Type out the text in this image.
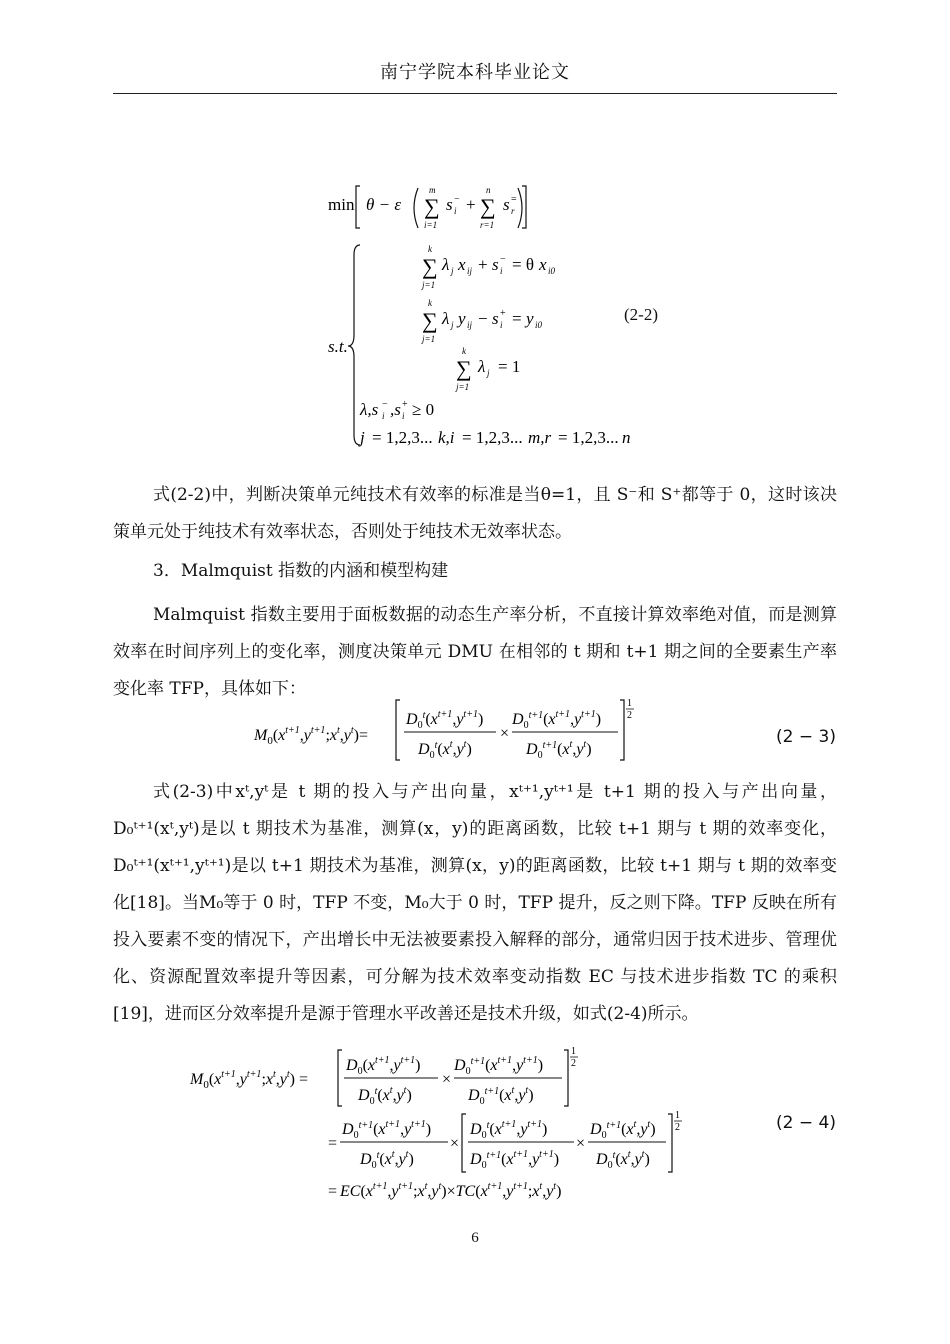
南宁学院本科毕业论文
min θ − ε ∑
m
i=1
s i
− + ∑
n
r=1
s r
=
s.t.
∑
k
j=1
λ j x ij + s i
− = θ x i0
∑
k
j=1
λ j y ij − s i
+ = y i0
∑
k
j=1
λ j = 1
λ,s i
− ,s i
+ ≥ 0
j = 1,2,3... k,i = 1,2,3... m,r = 1,2,3... n
(2-2)
式(2-2)中，判断决策单元纯技术有效率的标准是当θ=1，且 S⁻和 S⁺都等于 0，这时该决策单元处于纯技术有效率状态，否则处于纯技术无效率状态。
3．Malmquist 指数的内涵和模型构建
Malmquist 指数主要用于面板数据的动态生产率分析，不直接计算效率绝对值，而是测算效率在时间序列上的变化率，测度决策单元 DMU 在相邻的 t 期和 t+1 期之间的全要素生产率变化率 TFP，具体如下：
$M_0(x^{t+1},y^{t+1};x^t,y^t)=$
$D_0^t(x^{t+1},y^{t+1})$
$D_0^t(x^t,y^t)$
×
$D_0^{t+1}(x^{t+1},y^{t+1})$
$D_0^{t+1}(x^t,y^t)$
1
2
(2 − 3)
式(2-3)中xᵗ,yᵗ是 t 期的投入与产出向量，xᵗ⁺¹,yᵗ⁺¹是 t+1 期的投入与产出向量，D₀ᵗ⁺¹(xᵗ,yᵗ)是以 t 期技术为基准，测算(x，y)的距离函数，比较 t+1 期与 t 期的效率变化，D₀ᵗ⁺¹(xᵗ⁺¹,yᵗ⁺¹)是以 t+1 期技术为基准，测算(x，y)的距离函数，比较 t+1 期与 t 期的效率变化[18]。当M₀等于 0 时，TFP 不变，M₀大于 0 时，TFP 提升，反之则下降。TFP 反映在所有投入要素不变的情况下，产出增长中无法被要素投入解释的部分，通常归因于技术进步、管理优化、资源配置效率提升等因素，可分解为技术效率变动指数 EC 与技术进步指数 TC 的乘积[19]，进而区分效率提升是源于管理水平改善还是技术升级，如式(2-4)所示。
$M_0(x^{t+1},y^{t+1};x^t,y^t)$ =
$D_0(x^{t+1},y^{t+1})$
$D_0^t(x^t,y^t)$
×
$D_0^{t+1}(x^{t+1},y^{t+1})$
$D_0^{t+1}(x^t,y^t)$
1
2
=
$D_0^{t+1}(x^{t+1},y^{t+1})$
$D_0^t(x^t,y^t)$
×
$D_0^t(x^{t+1},y^{t+1})$
$D_0^{t+1}(x^{t+1},y^{t+1})$
×
$D_0^{t+1}(x^t,y^t)$
$D_0^t(x^t,y^t)$
1
2
= $EC(x^{t+1},y^{t+1};x^t,y^t)\times TC(x^{t+1},y^{t+1};x^t,y^t)$
(2 − 4)
6
